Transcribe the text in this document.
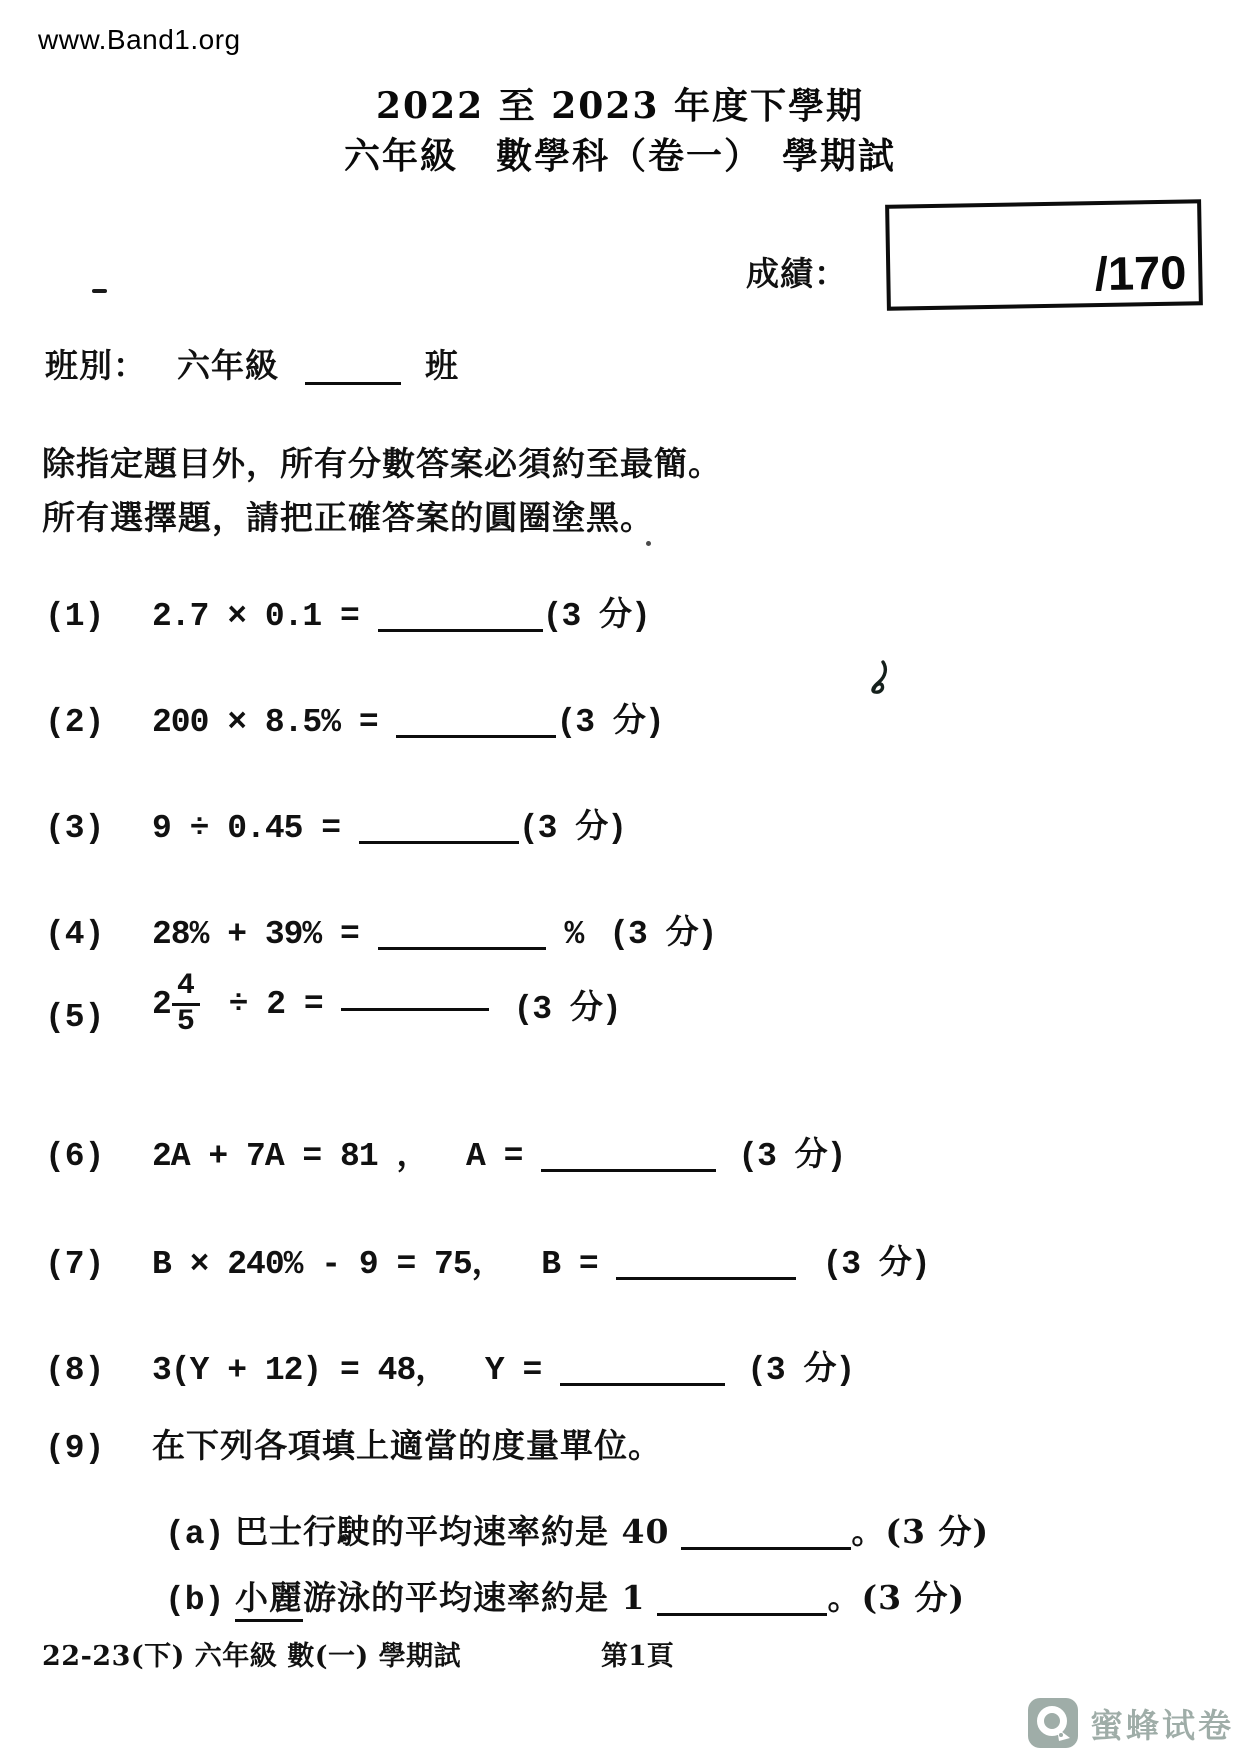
www.Band1.org
2022 至 2023 年度下學期
六年級　數學科（卷一）　學期試
成績：	/170
班別： 六年級	班
除指定題目外，所有分數答案必須約至最簡。
所有選擇題，請把正確答案的圓圈塗黑。
(1) 2.7 × 0.1 =	(3 分)
(2) 200 × 8.5% =	(3 分)
(3) 9 ÷ 0.45 =	(3 分)
(4) 28% + 39% =	% (3 分)
(5)	$2 \frac{4}{5} \div 2$ =	(3 分)
(6) 2A + 7A = 81 ，  A =	(3 分)
(7) B × 240% - 9 = 75，  B =	(3 分)
(8) 3(Y + 12) = 48，  Y =	(3 分)
(9) 在下列各項填上適當的度量單位。
(a) 巴士行駛的平均速率約是 40	。(3 分)
(b) 小麗游泳的平均速率約是 1	。(3 分)
22-23(下) 六年級 數(一) 學期試	第1頁
蜜蜂试卷
